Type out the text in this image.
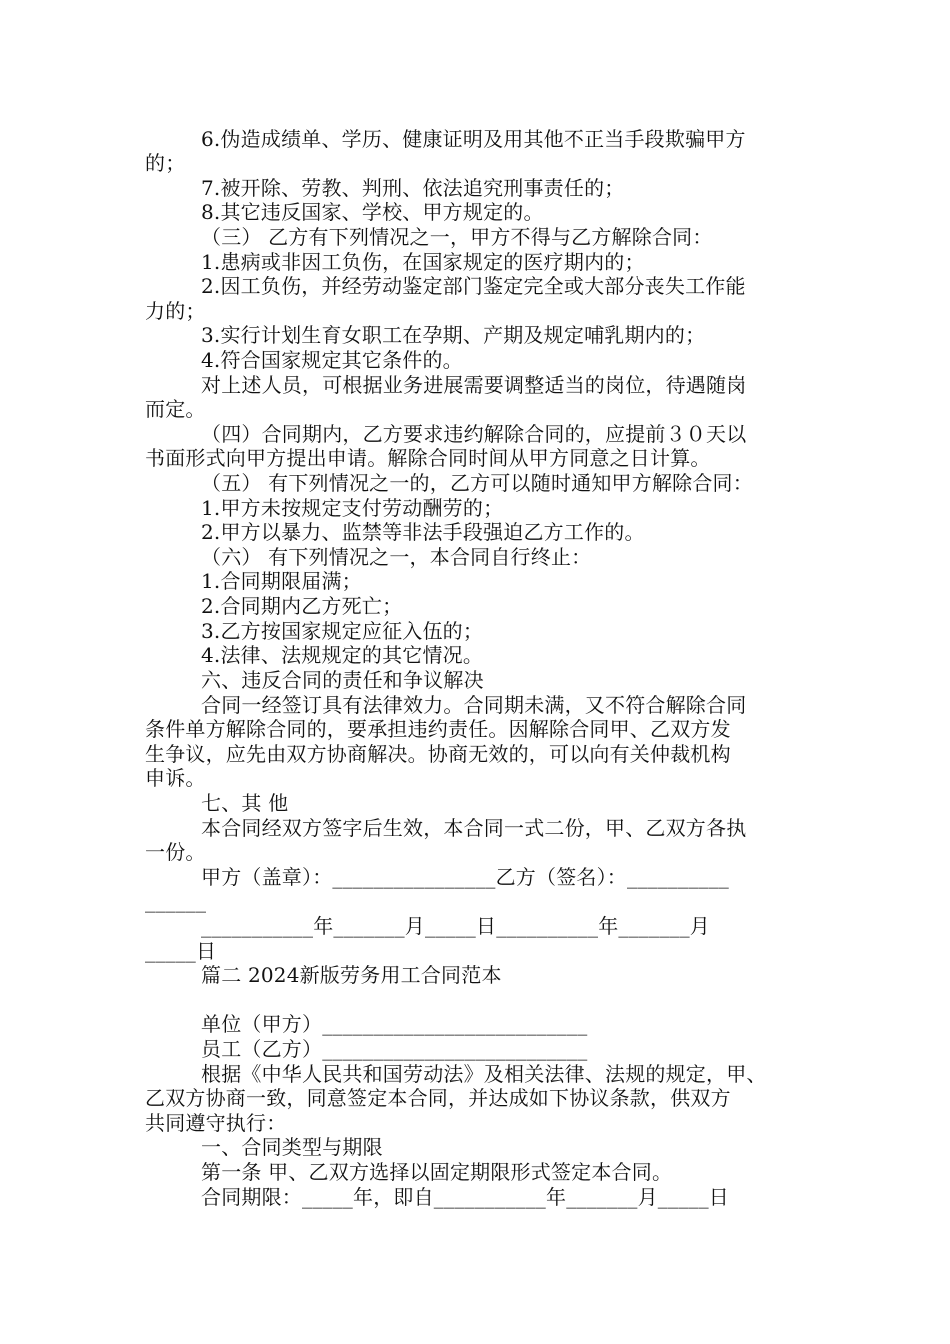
6.伪造成绩单、学历、健康证明及用其他不正当手段欺骗甲方
的；
7.被开除、劳教、判刑、依法追究刑事责任的；
8.其它违反国家、学校、甲方规定的。
（三） 乙方有下列情况之一，甲方不得与乙方解除合同：
1.患病或非因工负伤，在国家规定的医疗期内的；
2.因工负伤，并经劳动鉴定部门鉴定完全或大部分丧失工作能
力的；
3.实行计划生育女职工在孕期、产期及规定哺乳期内的；
4.符合国家规定其它条件的。
对上述人员，可根据业务进展需要调整适当的岗位，待遇随岗
而定。
（四）合同期内，乙方要求违约解除合同的，应提前３０天以
书面形式向甲方提出申请。解除合同时间从甲方同意之日计算。
（五） 有下列情况之一的，乙方可以随时通知甲方解除合同：
1.甲方未按规定支付劳动酬劳的；
2.甲方以暴力、监禁等非法手段强迫乙方工作的。
（六） 有下列情况之一，本合同自行终止：
1.合同期限届满；
2.合同期内乙方死亡；
3.乙方按国家规定应征入伍的；
4.法律、法规规定的其它情况。
六、违反合同的责任和争议解决
合同一经签订具有法律效力。合同期未满，又不符合解除合同
条件单方解除合同的，要承担违约责任。因解除合同甲、乙双方发
生争议，应先由双方协商解决。协商无效的，可以向有关仲裁机构
申诉。
七、其 他
本合同经双方签字后生效，本合同一式二份，甲、乙双方各执
一份。
甲方（盖章）：________________乙方（签名）：__________
______
___________年_______月_____日__________年_______月
_____日
篇二 2024新版劳务用工合同范本
单位（甲方）__________________________
员工（乙方）__________________________
根据《中华人民共和国劳动法》及相关法律、法规的规定，甲、
乙双方协商一致，同意签定本合同，并达成如下协议条款，供双方
共同遵守执行：
一、合同类型与期限
第一条 甲、乙双方选择以固定期限形式签定本合同。
合同期限：_____年，即自___________年_______月_____日
